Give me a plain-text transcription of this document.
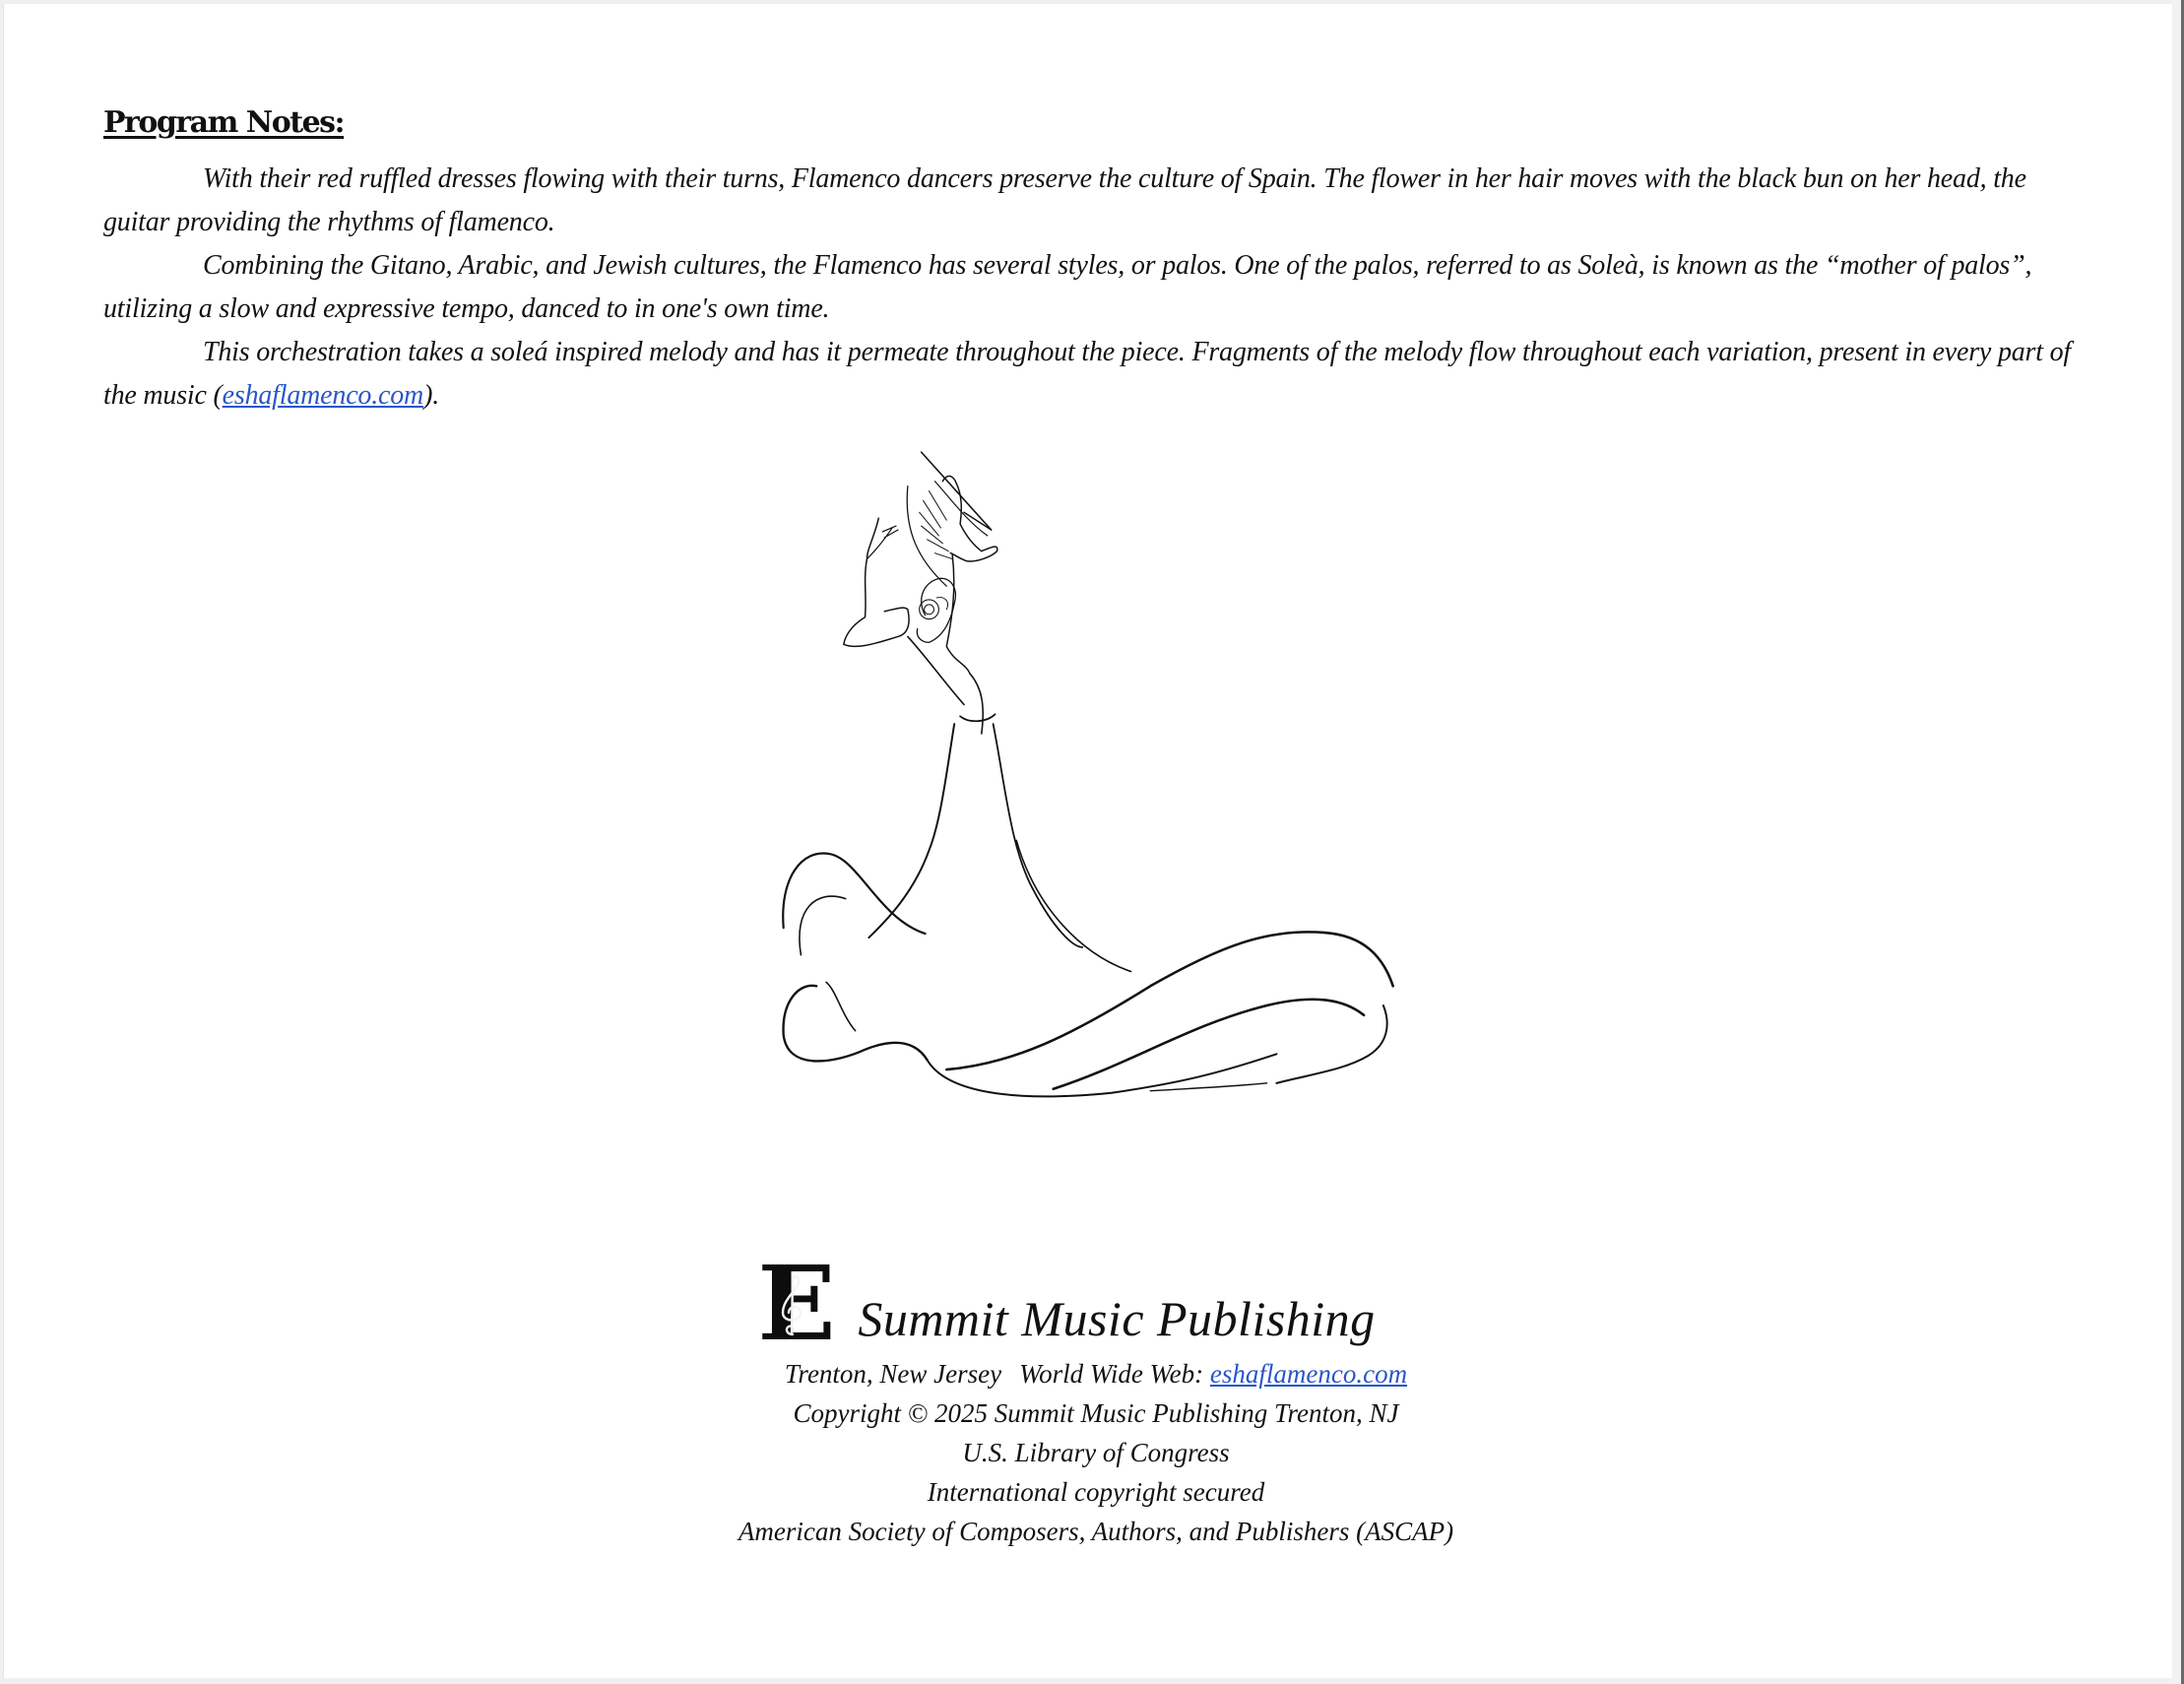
Program Notes:

With their red ruffled dresses flowing with their turns, Flamenco dancers preserve the culture of Spain. The flower in her hair moves with the black bun on her head, the guitar providing the rhythms of flamenco.

Combining the Gitano, Arabic, and Jewish cultures, the Flamenco has several styles, or palos. One of the palos, referred to as Soleà, is known as the “mother of palos”, utilizing a slow and expressive tempo, danced to in one's own time.

This orchestration takes a soleá inspired melody and has it permeate throughout the piece. Fragments of the melody flow throughout each variation, present in every part of the music (eshaflamenco.com).

E Summit Music Publishing
Trenton, New Jersey World Wide Web: eshaflamenco.com
Copyright © 2025 Summit Music Publishing Trenton, NJ
U.S. Library of Congress
International copyright secured
American Society of Composers, Authors, and Publishers (ASCAP)
